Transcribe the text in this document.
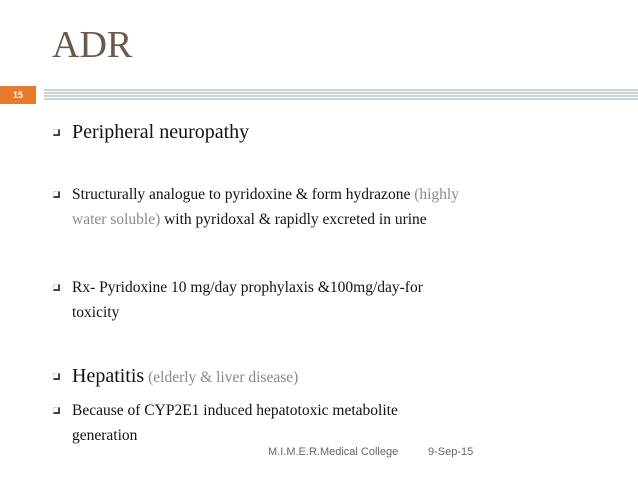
ADR
15
Peripheral neuropathy
Structurally analogue to pyridoxine & form hydrazone (highly
water soluble) with pyridoxal & rapidly excreted in urine
Rx- Pyridoxine 10 mg/day prophylaxis &100mg/day-for
toxicity
Hepatitis (elderly & liver disease)
Because of CYP2E1 induced hepatotoxic metabolite
generation
M.I.M.E.R.Medical College	9-Sep-15
